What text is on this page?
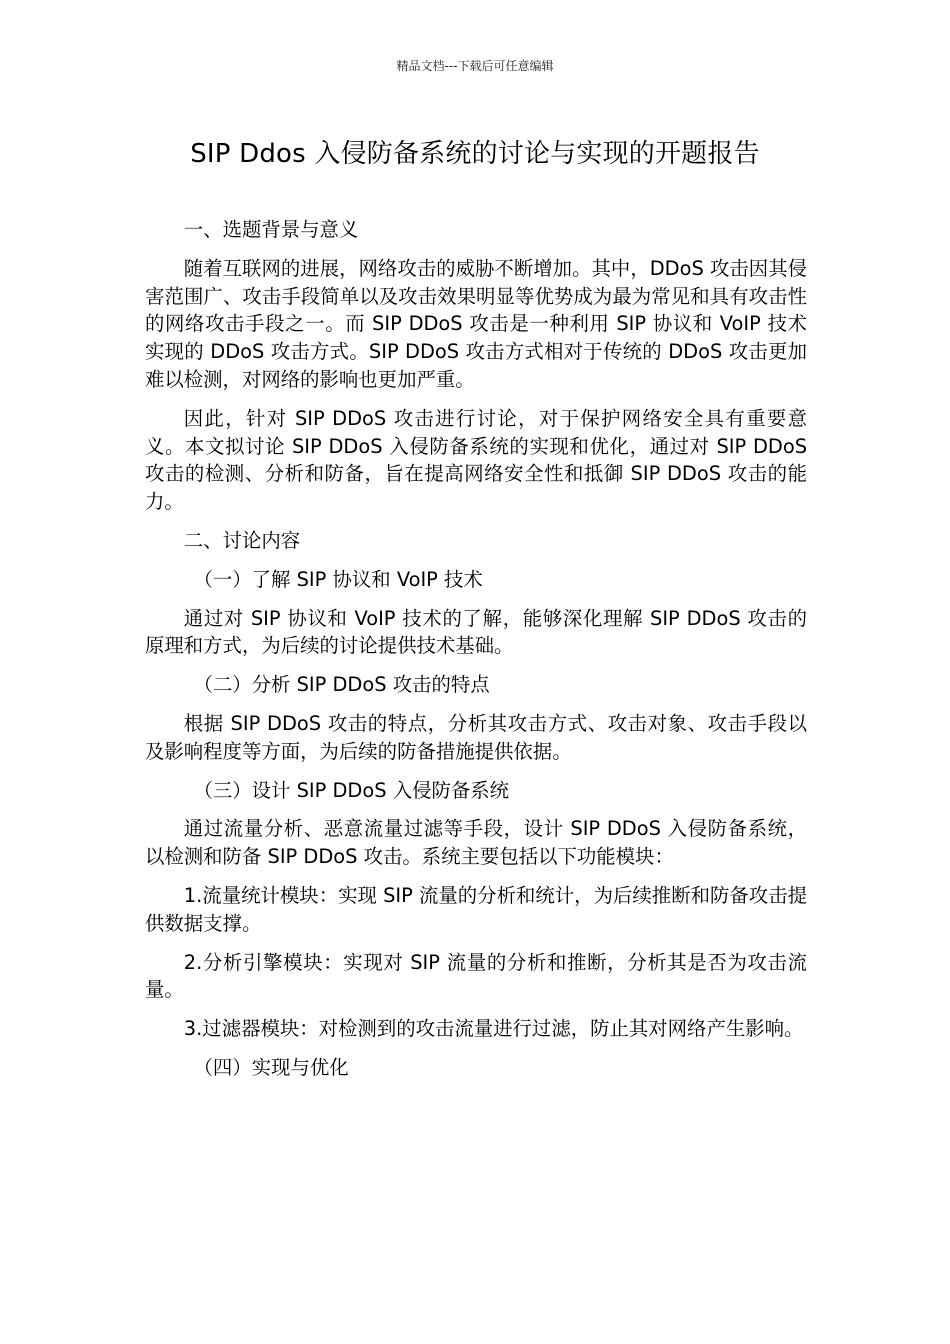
精品文档---下载后可任意编辑
SIP Ddos 入侵防备系统的讨论与实现的开题报告

一、选题背景与意义

随着互联网的进展，网络攻击的威胁不断增加。其中，DDoS 攻击因其侵害范围广、攻击手段简单以及攻击效果明显等优势成为最为常见和具有攻击性的网络攻击手段之一。而 SIP DDoS 攻击是一种利用 SIP 协议和 VoIP 技术实现的 DDoS 攻击方式。SIP DDoS 攻击方式相对于传统的 DDoS 攻击更加难以检测，对网络的影响也更加严重。

因此，针对 SIP DDoS 攻击进行讨论，对于保护网络安全具有重要意义。本文拟讨论 SIP DDoS 入侵防备系统的实现和优化，通过对 SIP DDoS 攻击的检测、分析和防备，旨在提高网络安全性和抵御 SIP DDoS 攻击的能力。

二、讨论内容

（一）了解 SIP 协议和 VoIP 技术

通过对 SIP 协议和 VoIP 技术的了解，能够深化理解 SIP DDoS 攻击的原理和方式，为后续的讨论提供技术基础。

（二）分析 SIP DDoS 攻击的特点

根据 SIP DDoS 攻击的特点，分析其攻击方式、攻击对象、攻击手段以及影响程度等方面，为后续的防备措施提供依据。

（三）设计 SIP DDoS 入侵防备系统

通过流量分析、恶意流量过滤等手段，设计 SIP DDoS 入侵防备系统，以检测和防备 SIP DDoS 攻击。系统主要包括以下功能模块：

1.流量统计模块：实现 SIP 流量的分析和统计，为后续推断和防备攻击提供数据支撑。

2.分析引擎模块：实现对 SIP 流量的分析和推断，分析其是否为攻击流量。

3.过滤器模块：对检测到的攻击流量进行过滤，防止其对网络产生影响。

（四）实现与优化
